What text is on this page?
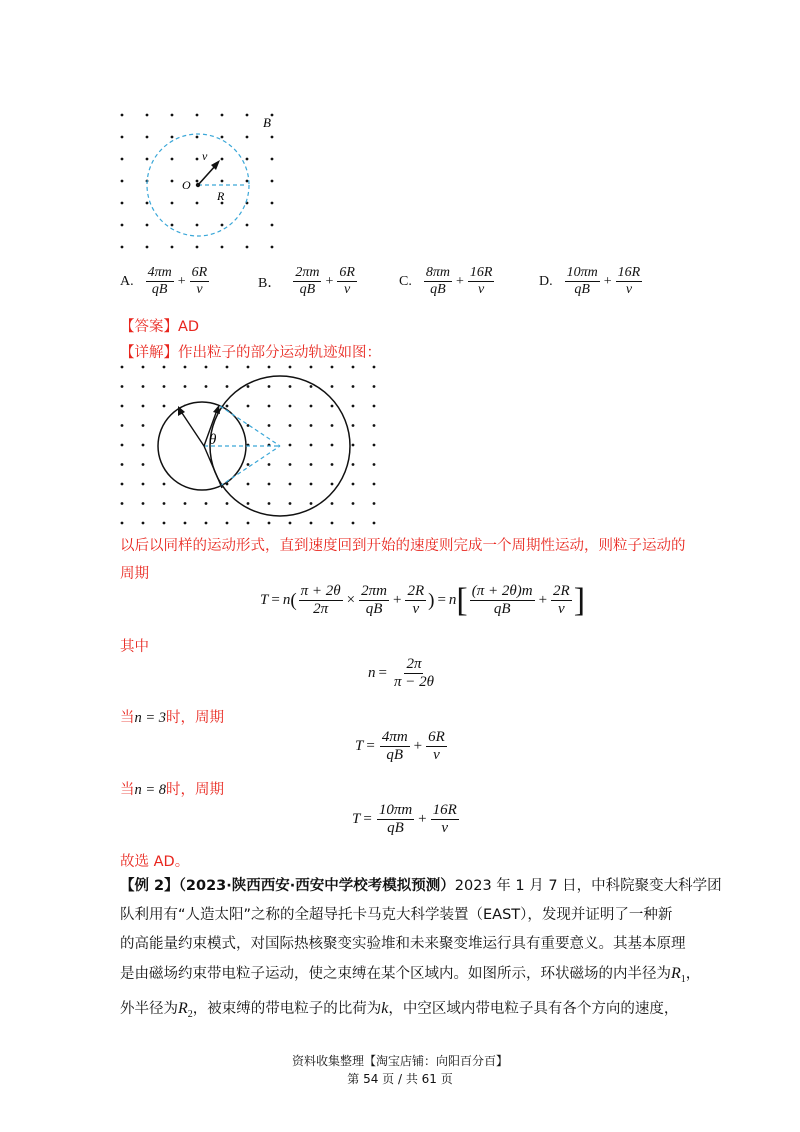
B
v
O
R
A. $\frac{4\pi m}{qB} + \frac{6R}{v}$	B． $\frac{2\pi m}{qB} + \frac{6R}{v}$	C. $\frac{8\pi m}{qB} + \frac{16R}{v}$	D. $\frac{10\pi m}{qB} + \frac{16R}{v}$
【答案】AD
【详解】作出粒子的部分运动轨迹如图：
θ
以后以同样的运动形式，直到速度回到开始的速度则完成一个周期性运动，则粒子运动的
周期
T = n ( $\frac{\pi + 2\theta}{2\pi} \times \frac{2\pi m}{qB} + \frac{2R}{v}$ ) = n [ $\frac{(\pi + 2\theta)m}{qB} + \frac{2R}{v}$ ]
其中
$n = \frac{2\pi}{\pi - 2\theta}$
当n = 3时，周期
$T = \frac{4\pi m}{qB} + \frac{6R}{v}$
当n = 8时，周期
$T = \frac{10\pi m}{qB} + \frac{16R}{v}$
故选 AD。
【例 2】（2023·陕西西安·西安中学校考模拟预测）2023 年 1 月 7 日，中科院聚变大科学团
队利用有“人造太阳”之称的全超导托卡马克大科学装置（EAST），发现并证明了一种新
的高能量约束模式，对国际热核聚变实验堆和未来聚变堆运行具有重要意义。其基本原理
是由磁场约束带电粒子运动，使之束缚在某个区域内。如图所示，环状磁场的内半径为$R_1$，
外半径为$R_2$，被束缚的带电粒子的比荷为k，中空区域内带电粒子具有各个方向的速度，
资料收集整理【淘宝店铺：向阳百分百】
第 54 页 / 共 61 页
